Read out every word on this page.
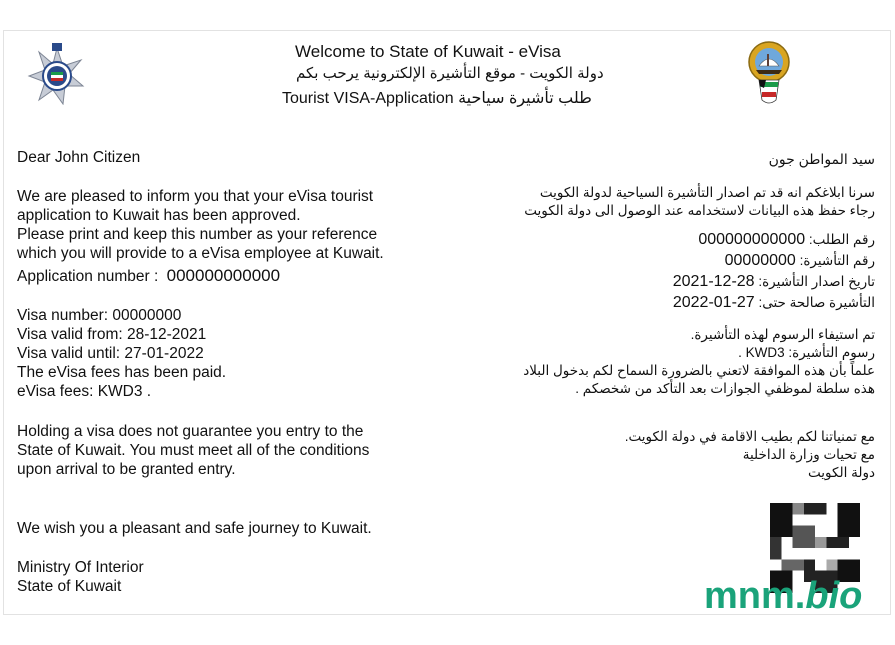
Welcome to State of Kuwait - eVisa
دولة الكويت - موقع التأشيرة الإلكترونية يرحب بكم
Tourist VISA-Application طلب تأشيرة سياحية
Dear John Citizen
We are pleased to inform you that your eVisa tourist
application to Kuwait has been approved.
Please print and keep this number as your reference
which you will provide to a eVisa employee at Kuwait.
Application number : 000000000000
Visa number: 00000000
Visa valid from: 28-12-2021
Visa valid until: 27-01-2022
The eVisa fees has been paid.
eVisa fees: KWD3 .
Holding a visa does not guarantee you entry to the
State of Kuwait. You must meet all of the conditions
upon arrival to be granted entry.
We wish you a pleasant and safe journey to Kuwait.
Ministry Of Interior
State of Kuwait
سيد المواطن جون
سرنا ابلاغكم انه قد تم اصدار التأشيرة السياحية لدولة الكويت
رجاء حفظ هذه البيانات لاستخدامه عند الوصول الى دولة الكويت
رقم الطلب: 000000000000
رقم التأشيرة: 00000000
تاريخ اصدار التأشيرة: 2021-12-28
التأشيرة صالحة حتى: 2022-01-27
تم استيفاء الرسوم لهذه التأشيرة.
رسوم التأشيرة: KWD3 .
علماً بأن هذه الموافقة لاتعني بالضرورة السماح لكم بدخول البلاد
هذه سلطة لموظفي الجوازات بعد التأكد من شخصكم .
مع تمنياتنا لكم بطيب الاقامة في دولة الكويت.
مع تحيات وزارة الداخلية
دولة الكويت
mnm.bio
